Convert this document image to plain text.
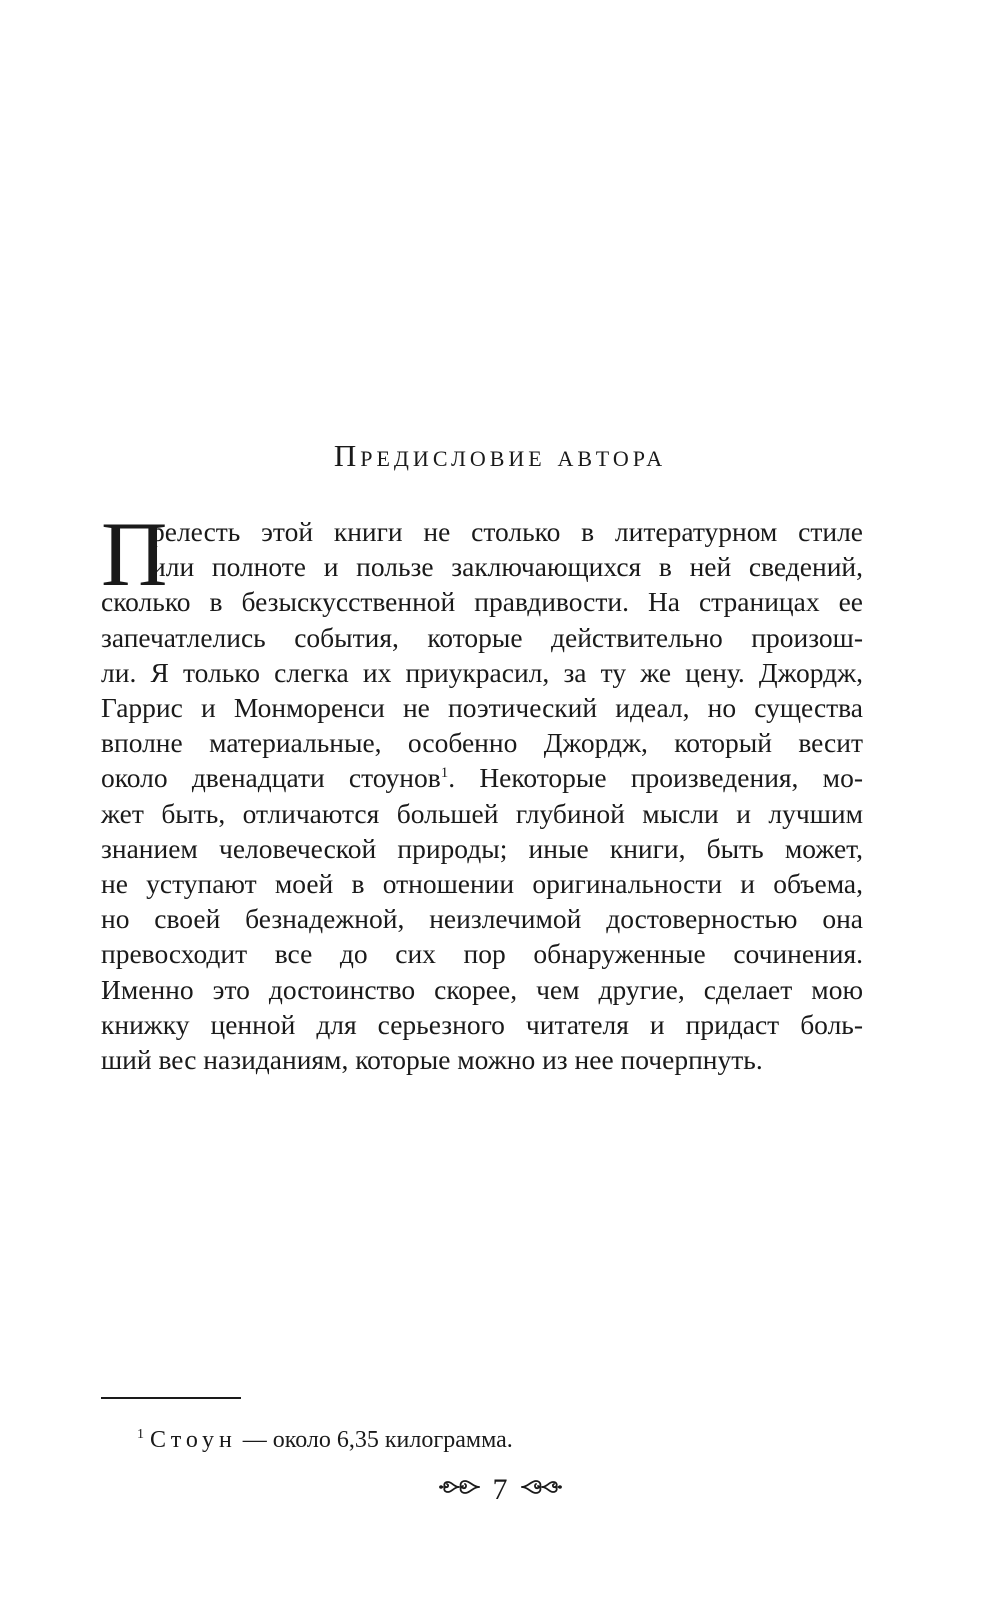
Предисловие автора
П
релесть этой книги не столько в литературном стиле
или полноте и пользе заключающихся в ней сведений,
сколько в безыскусственной правдивости. На страницах ее
запечатлелись события, которые действительно произош-
ли. Я только слегка их приукрасил, за ту же цену. Джордж,
Гаррис и Монморенси не поэтический идеал, но существа
вполне материальные, особенно Джордж, который весит
около двенадцати стоунов$^1$. Некоторые произведения, мо-
жет быть, отличаются большей глубиной мысли и лучшим
знанием человеческой природы; иные книги, быть может,
не уступают моей в отношении оригинальности и объема,
но своей безнадежной, неизлечимой достоверностью она
превосходит все до сих пор обнаруженные сочинения.
Именно это достоинство скорее, чем другие, сделает мою
книжку ценной для серьезного читателя и придаст боль-
ший вес назиданиям, которые можно из нее почерпнуть.
$^1$ Стоун — около 6,35 килограмма.
7
